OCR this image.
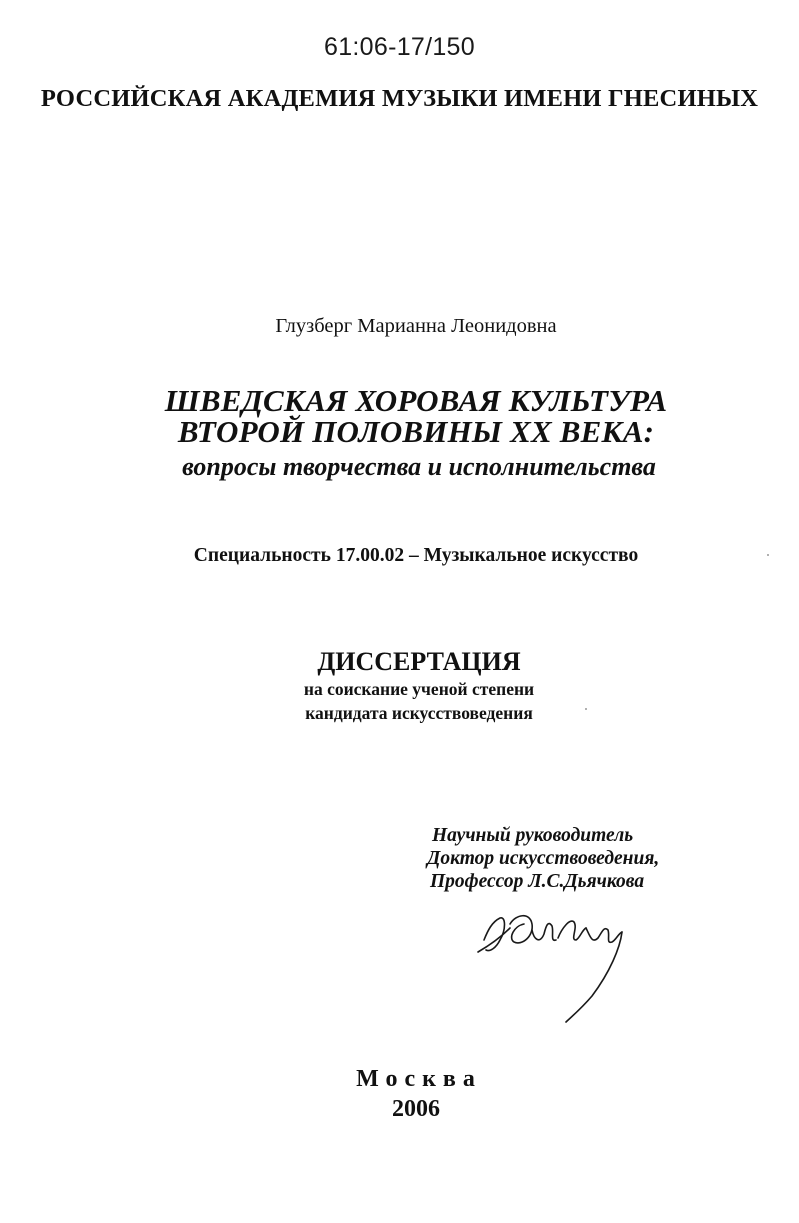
61:06-17/150
РОССИЙСКАЯ АКАДЕМИЯ МУЗЫКИ ИМЕНИ ГНЕСИНЫХ
Глузберг Марианна Леонидовна
ШВЕДСКАЯ ХОРОВАЯ КУЛЬТУРА
ВТОРОЙ ПОЛОВИНЫ XX ВЕКА:
вопросы творчества и исполнительства
Специальность 17.00.02 – Музыкальное искусство
ДИССЕРТАЦИЯ
на соискание ученой степени
кандидата искусствоведения
Научный руководитель
Доктор искусствоведения,
Профессор Л.С.Дьячкова
Москва
2006
